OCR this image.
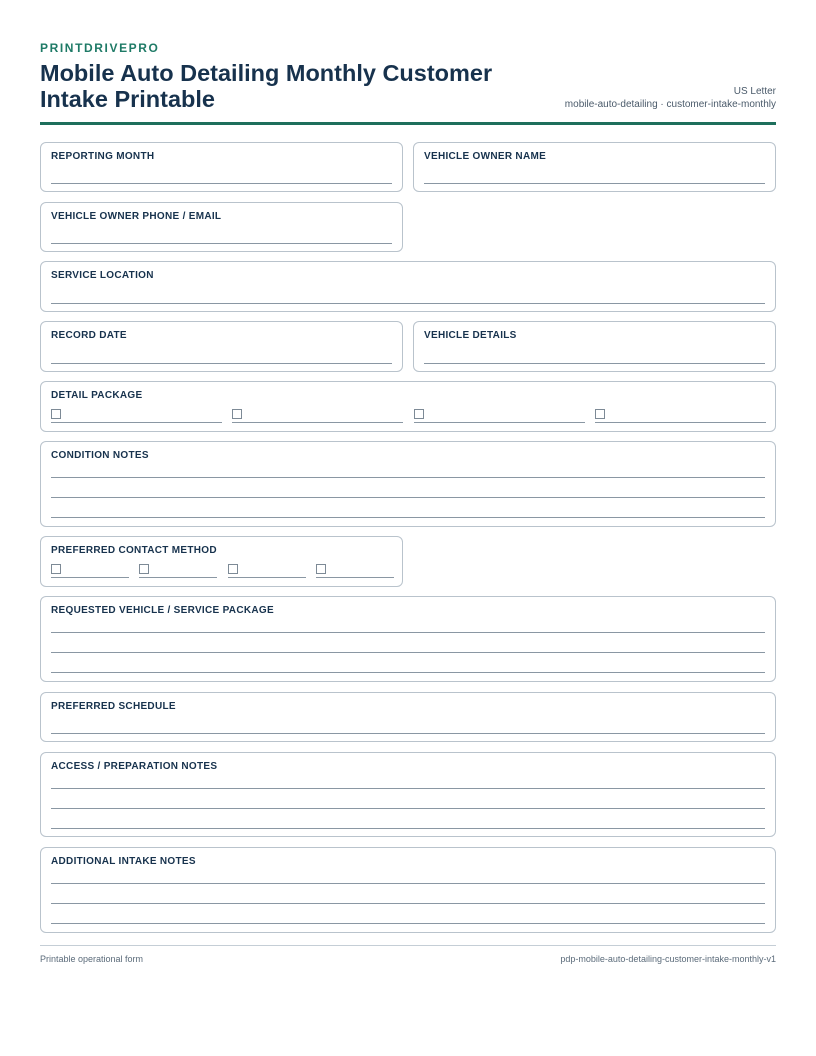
PRINTDRIVEPRO
Mobile Auto Detailing Monthly Customer Intake Printable	US Letter
mobile-auto-detailing · customer-intake-monthly
REPORTING MONTH	VEHICLE OWNER NAME
VEHICLE OWNER PHONE / EMAIL
SERVICE LOCATION
RECORD DATE	VEHICLE DETAILS
DETAIL PACKAGE
CONDITION NOTES
PREFERRED CONTACT METHOD
REQUESTED VEHICLE / SERVICE PACKAGE
PREFERRED SCHEDULE
ACCESS / PREPARATION NOTES
ADDITIONAL INTAKE NOTES
Printable operational form	pdp-mobile-auto-detailing-customer-intake-monthly-v1
